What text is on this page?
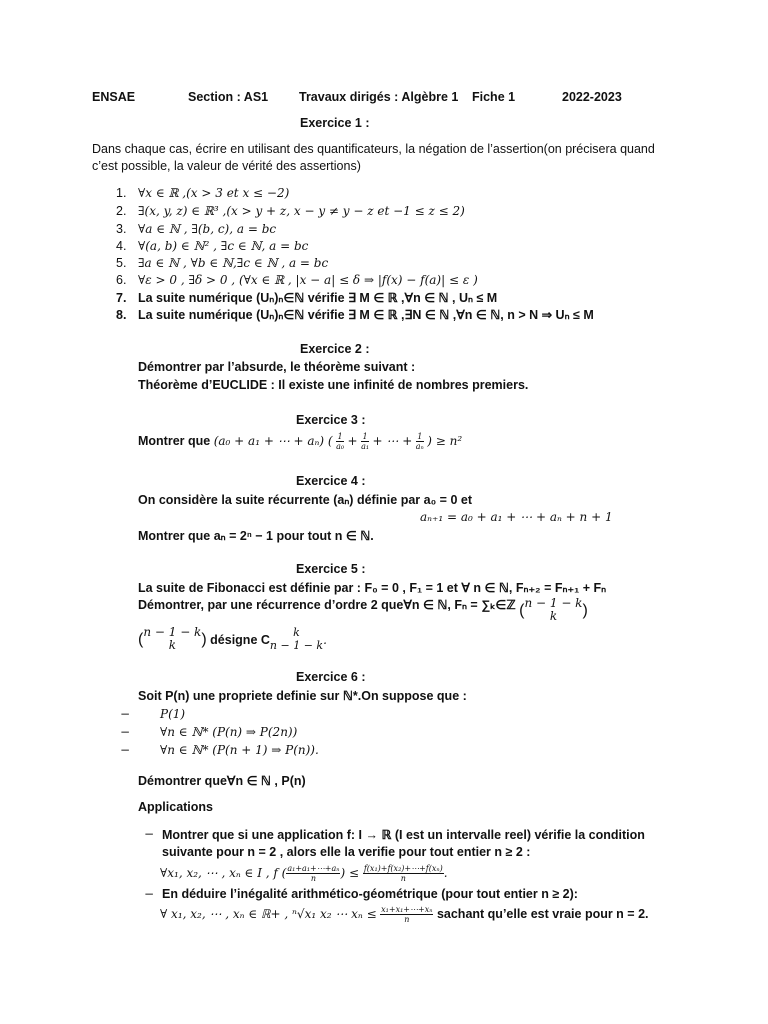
ENSAE	Section : AS1 Travaux dirigés : Algèbre 1 Fiche 1	2022-2023
Exercice 1 :
Dans chaque cas, écrire en utilisant des quantificateurs, la négation de l’assertion(on précisera quand
c’est possible, la valeur de vérité des assertions)
1. ∀x ∈ ℝ ,(x > 3 et x ≤ −2)
2. ∃(x, y, z) ∈ ℝ³ ,(x > y + z, x − y ≠ y − z et −1 ≤ z ≤ 2)
3. ∀a ∈ ℕ , ∃(b, c), a = bc
4. ∀(a, b) ∈ ℕ² , ∃c ∈ ℕ, a = bc
5. ∃a ∈ ℕ , ∀b ∈ ℕ,∃c ∈ ℕ , a = bc
6. ∀ε > 0 , ∃δ > 0 , (∀x ∈ ℝ , |x − a| ≤ δ ⇒ |f(x) − f(a)| ≤ ε )
7. La suite numérique (Uₙ)ₙ∈ℕ vérifie ∃ M ∈ ℝ ,∀n ∈ ℕ , Uₙ ≤ M
8. La suite numérique (Uₙ)ₙ∈ℕ vérifie ∃ M ∈ ℝ ,∃N ∈ ℕ ,∀n ∈ ℕ, n > N ⇒ Uₙ ≤ M
Exercice 2 :
Démontrer par l’absurde, le théorème suivant :
Théorème d’EUCLIDE : Il existe une infinité de nombres premiers.
Exercice 3 :
Montrer que (a₀ + a₁ + ⋯ + aₙ) ( $\frac{1}{\text{a₀}} + \frac{1}{\text{a₁}}$ + ⋯ + $\frac{1}{\text{aₙ}}$ ) ≥ n²
Exercice 4 :
On considère la suite récurrente (aₙ) définie par a₀ = 0 et
aₙ₊₁ = a₀ + a₁ + ⋯ + aₙ + n + 1
Montrer que aₙ = 2ⁿ − 1 pour tout n ∈ ℕ.
Exercice 5 :
La suite de Fibonacci est définie par : F₀ = 0 , F₁ = 1 et ∀ n ∈ ℕ, Fₙ₊₂ = Fₙ₊₁ + Fₙ
Démontrer, par une récurrence d’ordre 2 que∀n ∈ ℕ, Fₙ = ∑ₖ∈ℤ ( n − 1 − k
k	)
( n − 1 − k
k	) désigne C
k
n − 1 − k .
Exercice 6 :
Soit P(n) une propriete definie sur ℕ*.On suppose que :
− P(1)
− ∀n ∈ ℕ* (P(n) ⇒ P(2n))
− ∀n ∈ ℕ* (P(n + 1) ⇒ P(n)).
Démontrer que∀n ∈ ℕ , P(n)
Applications
− Montrer que si une application f: I → ℝ (I est un intervalle reel) vérifie la condition
suivante pour n = 2 , alors elle la verifie pour tout entier n ≥ 2 :
∀x₁, x₂, ⋯ , xₙ ∈ I , f ( $\frac{\text{a₁+a₁+⋯+aₙ}}{n}$ ) ≤ $\frac{\text{f(x₁)+f(x₂)+⋯+f(xₙ)}}{n}$ .
− En déduire l’inégalité arithmético-géométrique (pour tout entier n ≥ 2):
∀ x₁, x₂, ⋯ , xₙ ∈ ℝ+ , ⁿ√x₁ x₂ ⋯ $x_n \le \frac{\text{x₁+x₁+⋯+xₙ}}{n}$ sachant qu’elle est vraie pour n = 2.
